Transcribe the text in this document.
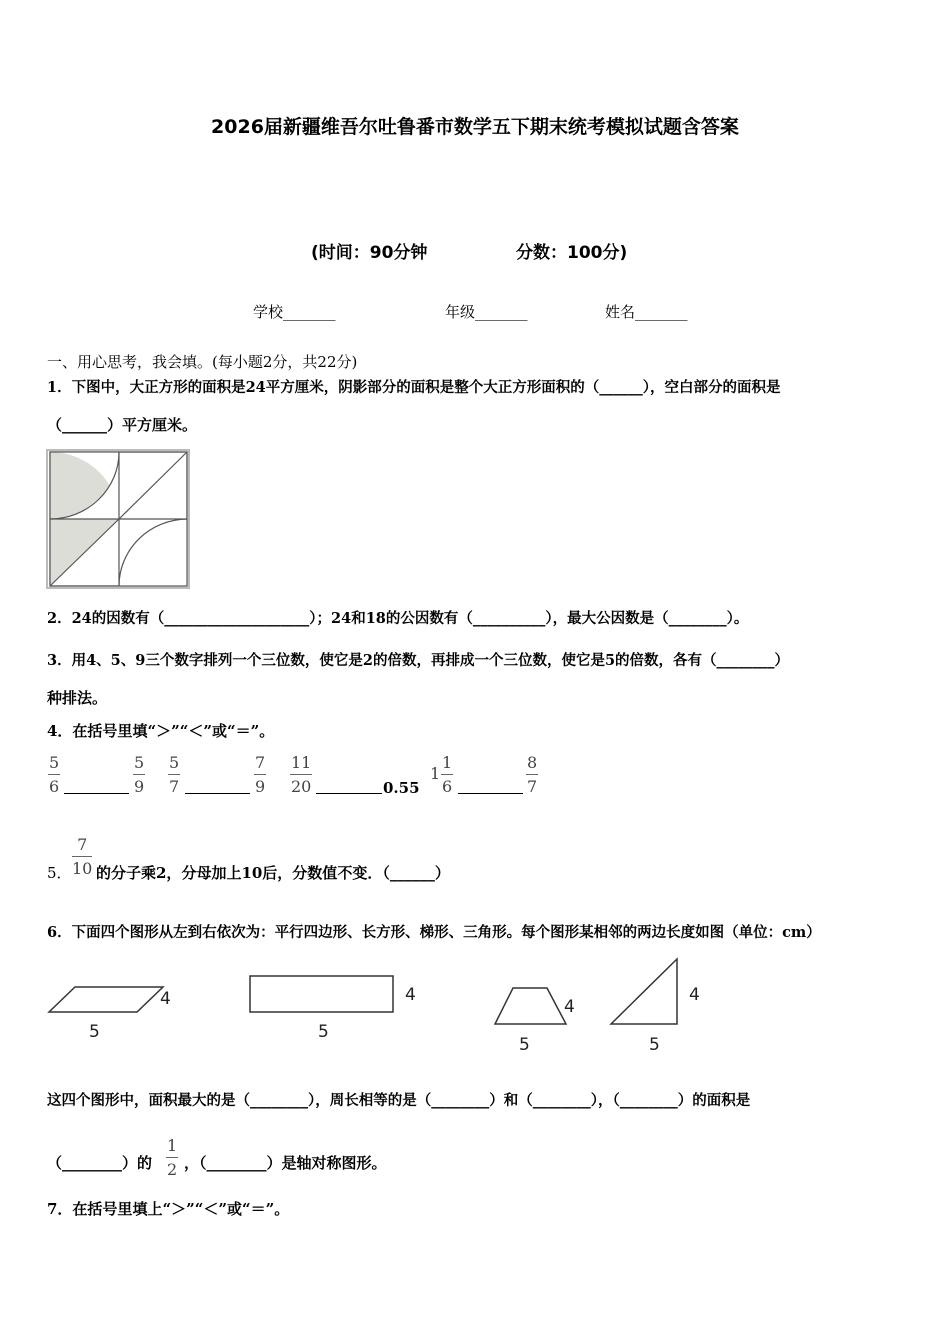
2026届新疆维吾尔吐鲁番市数学五下期末统考模拟试题含答案
(时间：90分钟	分数：100分)
学校_______	年级_______	姓名_______
一、用心思考，我会填。(每小题2分，共22分)
1．下图中，大正方形的面积是24平方厘米，阴影部分的面积是整个大正方形面积的（______），空白部分的面积是
（______）平方厘米。
2．24的因数有（____________________）；24和18的公因数有（__________），最大公因数是（________）。
3．用4、5、9三个数字排列一个三位数，使它是2的倍数，再排成一个三位数，使它是5的倍数，各有（________）
种排法。
4．在括号里填“＞”“＜”或“＝”。
$\frac{5}{6}$	$\frac{5}{9} \frac{5}{7}$	$\frac{7}{9} \frac{11}{20}$	0.55
$1 \frac{1}{6}$	$\frac{8}{7}$
5． $\frac{7}{10}$ 的分子乘2，分母加上10后，分数值不变．（______）
6．下面四个图形从左到右依次为：平行四边形、长方形、梯形、三角形。每个图形某相邻的两边长度如图（单位：cm）
4
5
4
5
4
5
4
5
这四个图形中，面积最大的是（________），周长相等的是（________）和（________），（________）的面积是
（________）的 $\frac{1}{2}$ ，（________）是轴对称图形。
7．在括号里填上“＞”“＜”或“＝”。
